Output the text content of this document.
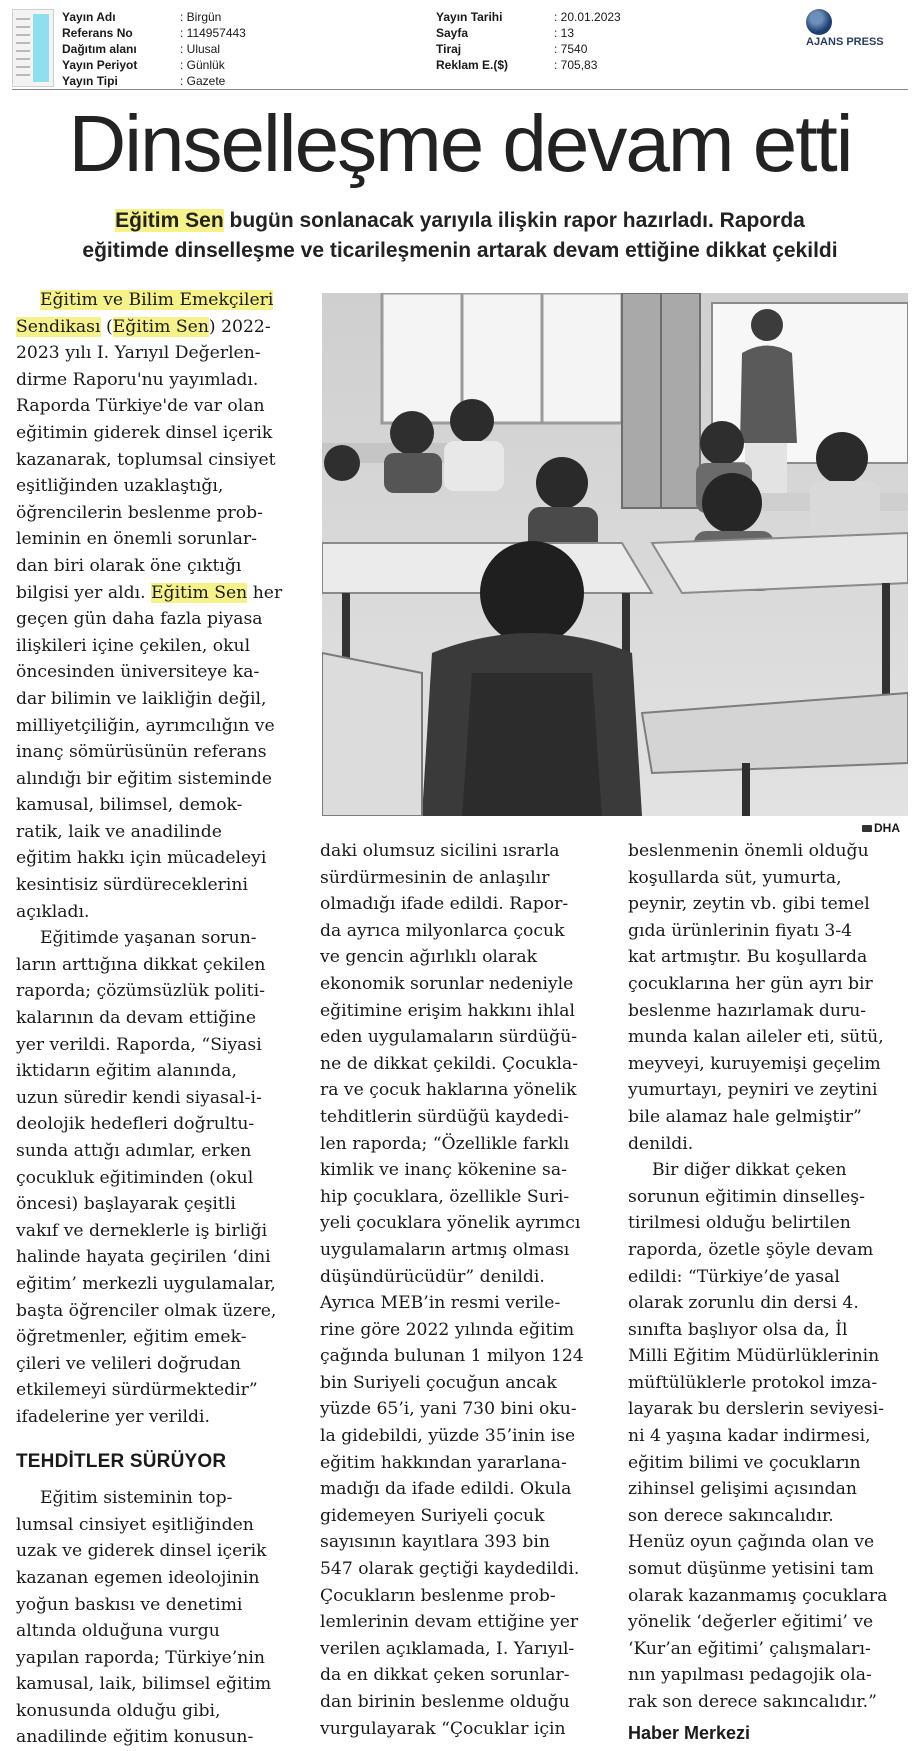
Yayın Adı	: Birgün
Referans No	: 114957443
Dağıtım alanı	: Ulusal
Yayın Periyot	: Günlük
Yayın Tipi	: Gazete
Yayın Tarihi	: 20.01.2023
Sayfa	: 13
Tiraj	: 7540
Reklam E.($)	: 705,83
AJANS PRESS
Dinselleşme devam etti
Eğitim Sen bugün sonlanacak yarıyıla ilişkin rapor hazırladı. Raporda
eğitimde dinselleşme ve ticarileşmenin artarak devam ettiğine dikkat çekildi
DHA

Eğitim ve Bilim Emekçileri

Sendikası (Eğitim Sen) 2022-

2023 yılı I. Yarıyıl Değerlen-

dirme Raporu'nu yayımladı.

Raporda Türkiye'de var olan

eğitimin giderek dinsel içerik

kazanarak, toplumsal cinsiyet

eşitliğinden uzaklaştığı,

öğrencilerin beslenme prob-

leminin en önemli sorunlar-

dan biri olarak öne çıktığı

bilgisi yer aldı. Eğitim Sen her

geçen gün daha fazla piyasa

ilişkileri içine çekilen, okul

öncesinden üniversiteye ka-

dar bilimin ve laikliğin değil,

milliyetçiliğin, ayrımcılığın ve

inanç sömürüsünün referans

alındığı bir eğitim sisteminde

kamusal, bilimsel, demok-

ratik, laik ve anadilinde

eğitim hakkı için mücadeleyi

kesintisiz sürdüreceklerini

açıkladı.

Eğitimde yaşanan sorun-

ların arttığına dikkat çekilen

raporda; çözümsüzlük politi-

kalarının da devam ettiğine

yer verildi. Raporda, “Siyasi

iktidarın eğitim alanında,

uzun süredir kendi siyasal-i-

deolojik hedefleri doğrultu-

sunda attığı adımlar, erken

çocukluk eğitiminden (okul

öncesi) başlayarak çeşitli

vakıf ve derneklerle iş birliği

halinde hayata geçirilen ‘dini

eğitim’ merkezli uygulamalar,

başta öğrenciler olmak üzere,

öğretmenler, eğitim emek-

çileri ve velileri doğrudan

etkilemeyi sürdürmektedir”

ifadelerine yer verildi.

TEHDİTLER SÜRÜYOR

Eğitim sisteminin top-

lumsal cinsiyet eşitliğinden

uzak ve giderek dinsel içerik

kazanan egemen ideolojinin

yoğun baskısı ve denetimi

altında olduğuna vurgu

yapılan raporda; Türkiye’nin

kamusal, laik, bilimsel eğitim

konusunda olduğu gibi,

anadilinde eğitim konusun-

daki olumsuz sicilini ısrarla

sürdürmesinin de anlaşılır

olmadığı ifade edildi. Rapor-

da ayrıca milyonlarca çocuk

ve gencin ağırlıklı olarak

ekonomik sorunlar nedeniyle

eğitimine erişim hakkını ihlal

eden uygulamaların sürdüğü-

ne de dikkat çekildi. Çocukla-

ra ve çocuk haklarına yönelik

tehditlerin sürdüğü kaydedi-

len raporda; “Özellikle farklı

kimlik ve inanç kökenine sa-

hip çocuklara, özellikle Suri-

yeli çocuklara yönelik ayrımcı

uygulamaların artmış olması

düşündürücüdür” denildi.

Ayrıca MEB’in resmi verile-

rine göre 2022 yılında eğitim

çağında bulunan 1 milyon 124

bin Suriyeli çocuğun ancak

yüzde 65’i, yani 730 bini oku-

la gidebildi, yüzde 35’inin ise

eğitim hakkından yararlana-

madığı da ifade edildi. Okula

gidemeyen Suriyeli çocuk

sayısının kayıtlara 393 bin

547 olarak geçtiği kaydedildi.

Çocukların beslenme prob-

lemlerinin devam ettiğine yer

verilen açıklamada, I. Yarıyıl-

da en dikkat çeken sorunlar-

dan birinin beslenme olduğu

vurgulayarak “Çocuklar için

beslenmenin önemli olduğu

koşullarda süt, yumurta,

peynir, zeytin vb. gibi temel

gıda ürünlerinin fiyatı 3-4

kat artmıştır. Bu koşullarda

çocuklarına her gün ayrı bir

beslenme hazırlamak duru-

munda kalan aileler eti, sütü,

meyveyi, kuruyemişi geçelim

yumurtayı, peyniri ve zeytini

bile alamaz hale gelmiştir”

denildi.

Bir diğer dikkat çeken

sorunun eğitimin dinselleş-

tirilmesi olduğu belirtilen

raporda, özetle şöyle devam

edildi: “Türkiye’de yasal

olarak zorunlu din dersi 4.

sınıfta başlıyor olsa da, İl

Milli Eğitim Müdürlüklerinin

müftülüklerle protokol imza-

layarak bu derslerin seviyesi-

ni 4 yaşına kadar indirmesi,

eğitim bilimi ve çocukların

zihinsel gelişimi açısından

son derece sakıncalıdır.

Henüz oyun çağında olan ve

somut düşünme yetisini tam

olarak kazanmamış çocuklara

yönelik ‘değerler eğitimi’ ve

‘Kur’an eğitimi’ çalışmaları-

nın yapılması pedagojik ola-

rak son derece sakıncalıdır.”

Haber Merkezi
